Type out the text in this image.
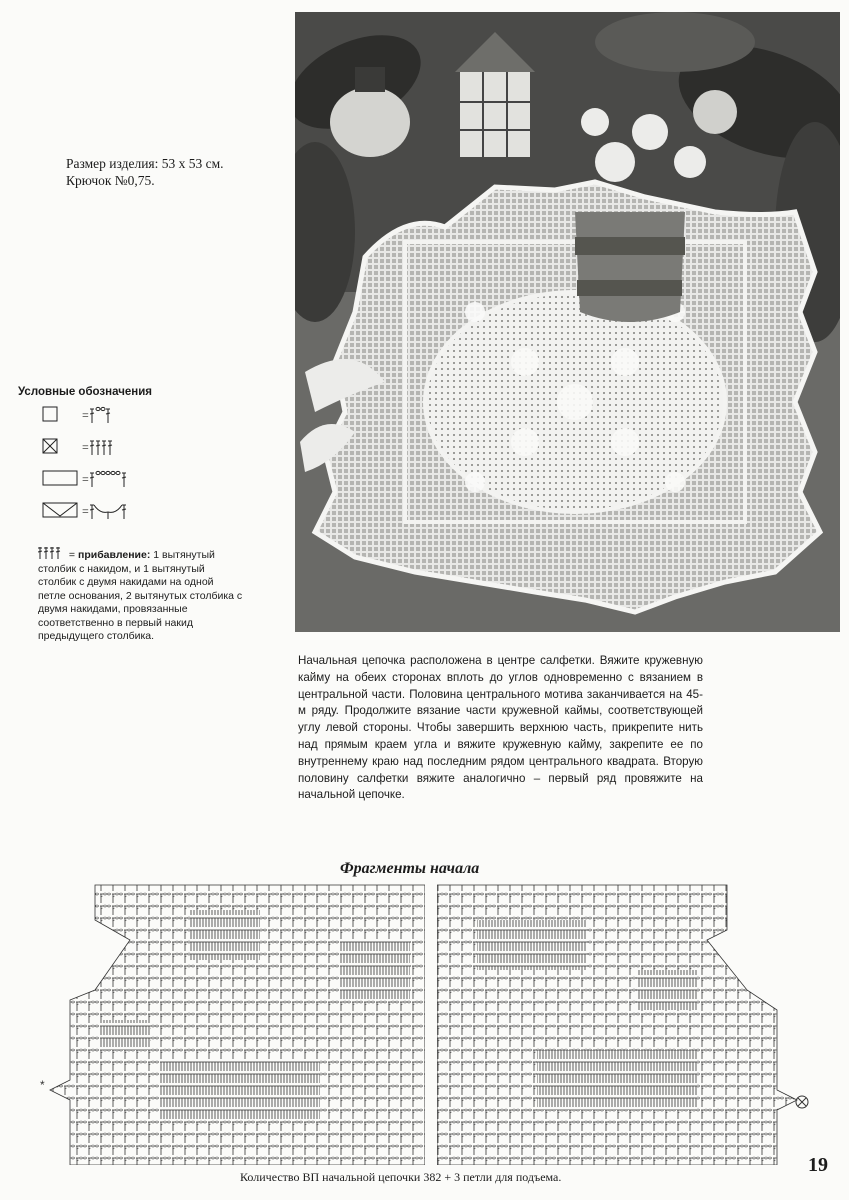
Размер изделия: 53 х 53 см.
Крючок №0,75.
Условные обозначения
=
=
=
=
= прибавление: 1 вытянутый столбик с накидом, и 1 вытянутый столбик с двумя накидами на одной петле основания, 2 вытянутых столбика с двумя накидами, провязанные соответственно в первый накид предыдущего столбика.
Начальная цепочка расположена в центре салфетки. Вяжите кружевную кайму на обеих сторонах вплоть до углов одновременно с вязанием в центральной части. Половина центрального мотива заканчивается на 45-м ряду. Продолжите вязание части кружевной каймы, соответствующей углу левой стороны. Чтобы завершить верхнюю часть, прикрепите нить над прямым краем угла и вяжите кружевную кайму, закрепите ее по внутреннему краю над последним рядом центрального квадрата. Вторую половину салфетки вяжите аналогично – первый ряд провяжите на начальной цепочке.
Фрагменты начала
*
Количество ВП начальной цепочки 382 + 3 петли для подъема.
19
